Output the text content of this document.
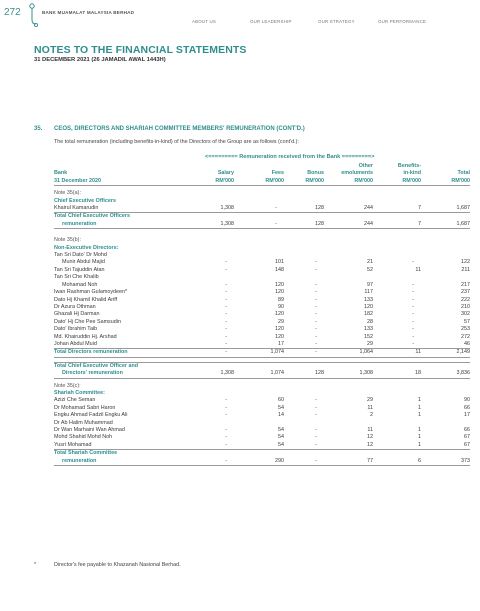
272	BANK MUAMALAT MALAYSIA BERHAD
ABOUT US	OUR LEADERSHIP	OUR STRATEGY	OUR PERFORMANCE
NOTES TO THE FINANCIAL STATEMENTS
31 DECEMBER 2021 (26 JAMADIL AWAL 1443H)
35. CEOS, DIRECTORS AND SHARIAH COMMITTEE MEMBERS' REMUNERATION (CONT'D.)
The total remuneration (including benefits-in-kind) of the Directors of the Group are as follows (cont'd.):
<========= Remuneration received from the Bank =========>
				Other	Benefits-	
Bank	Salary	Fees	Bonus	emoluments	in-kind	Total
31 December 2020	RM'000	RM'000	RM'000	RM'000	RM'000	RM'000

Note 35(a):						
Chief Executive Officers						
Khairul Kamarudin	1,308	-	128	244	7	1,687
Total Chief Executive Officers						
remuneration	1,308	-	128	244	7	1,687

Note 35(b):						
Non-Executive Directors:						
Tan Sri Dato' Dr Mohd						
Munir Abdul Majid	-	101	-	21	-	122
Tan Sri Tajuddin Atan	-	148	-	52	11	211
Tan Sri Che Khalib						
Mohamad Noh	-	120	-	97	-	217
Iwan Rashman Gulamoydeen*	-	120	-	117	-	237
Dato Hj Khamil Khalid Ariff	-	89	-	133	-	222
Dr Azura Othman	-	90	-	120	-	210
Ghazali Hj Darman	-	120	-	182	-	302
Dato' Hj Che Pee Samsudin	-	29	-	28	-	57
Dato' Ibrahim Taib	-	120	-	133	-	253
Md. Khairuddin Hj. Arshad	-	120	-	152	-	272
Johan Abdul Muid	-	17	-	29	-	46
Total Directors remuneration	-	1,074	-	1,064	11	2,149

Total Chief Executive Officer and						
Directors' remuneration	1,308	1,074	128	1,308	18	3,836

Note 35(c):						
Shariah Committee:						
Azizi Che Seman	-	60	-	29	1	90
Dr Mohamad Sabri Haron	-	54	-	11	1	66
Engku Ahmad Fadzil Engku Ali	-	14	-	2	1	17
Dr Ab Halim Muhammad						
Dr Wan Marhaini Wan Ahmad	-	54	-	11	1	66
Mohd Shahid Mohd Noh	-	54	-	12	1	67
Yusri Mohamad	-	54	-	12	1	67
Total Shariah Committee						
remuneration	-	290	-	77	6	373
*	Director's fee payable to Khazanah Nasional Berhad.
